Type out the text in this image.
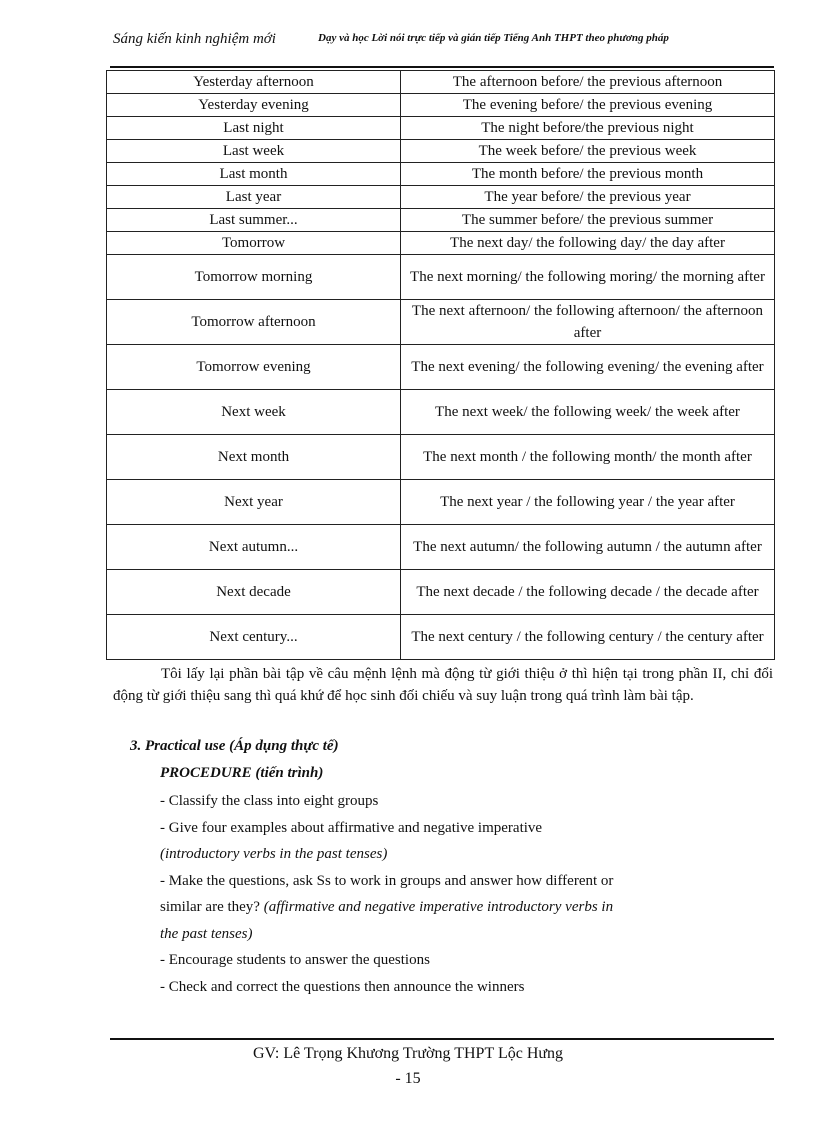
Sáng kiến kinh nghiệm mới	Dạy và học Lời nói trực tiếp và gián tiếp Tiếng Anh THPT theo phương pháp
Yesterday afternoon	The afternoon before/ the previous afternoon
Yesterday evening	The evening before/ the previous evening
Last night	The night before/the previous night
Last week	The week before/ the previous week
Last month	The month before/ the previous month
Last year	The year before/ the previous year
Last summer...	The summer before/ the previous summer
Tomorrow	The next day/ the following day/ the day after
Tomorrow morning	The next morning/ the following moring/ the morning after
Tomorrow afternoon	The next afternoon/ the following afternoon/ the afternoon after
Tomorrow evening	The next evening/ the following evening/ the evening after
Next week	The next week/ the following week/ the week after
Next month	The next month / the following month/ the month after
Next year	The next year / the following year / the year after
Next autumn...	The next autumn/ the following autumn / the autumn after
Next decade	The next decade / the following decade / the decade after
Next century...	The next century / the following century / the century after
Tôi lấy lại phần bài tập về câu mệnh lệnh mà động từ giới thiệu ở thì hiện tại trong phần II, chỉ đổi động từ giới thiệu sang thì quá khứ để học sinh đối chiếu và suy luận trong quá trình làm bài tập.
3. Practical use (Áp dụng thực tế)
PROCEDURE (tiến trình)
- Classify the class into eight groups
- Give four examples about affirmative and negative imperative
(introductory verbs in the past tenses)
- Make the questions, ask Ss to work in groups and answer how different or
similar are they? (affirmative and negative imperative introductory verbs in
the past tenses)
- Encourage students to answer the questions
- Check and correct the questions then announce the winners
GV: Lê Trọng Khương Trường THPT Lộc Hưng
- 15
